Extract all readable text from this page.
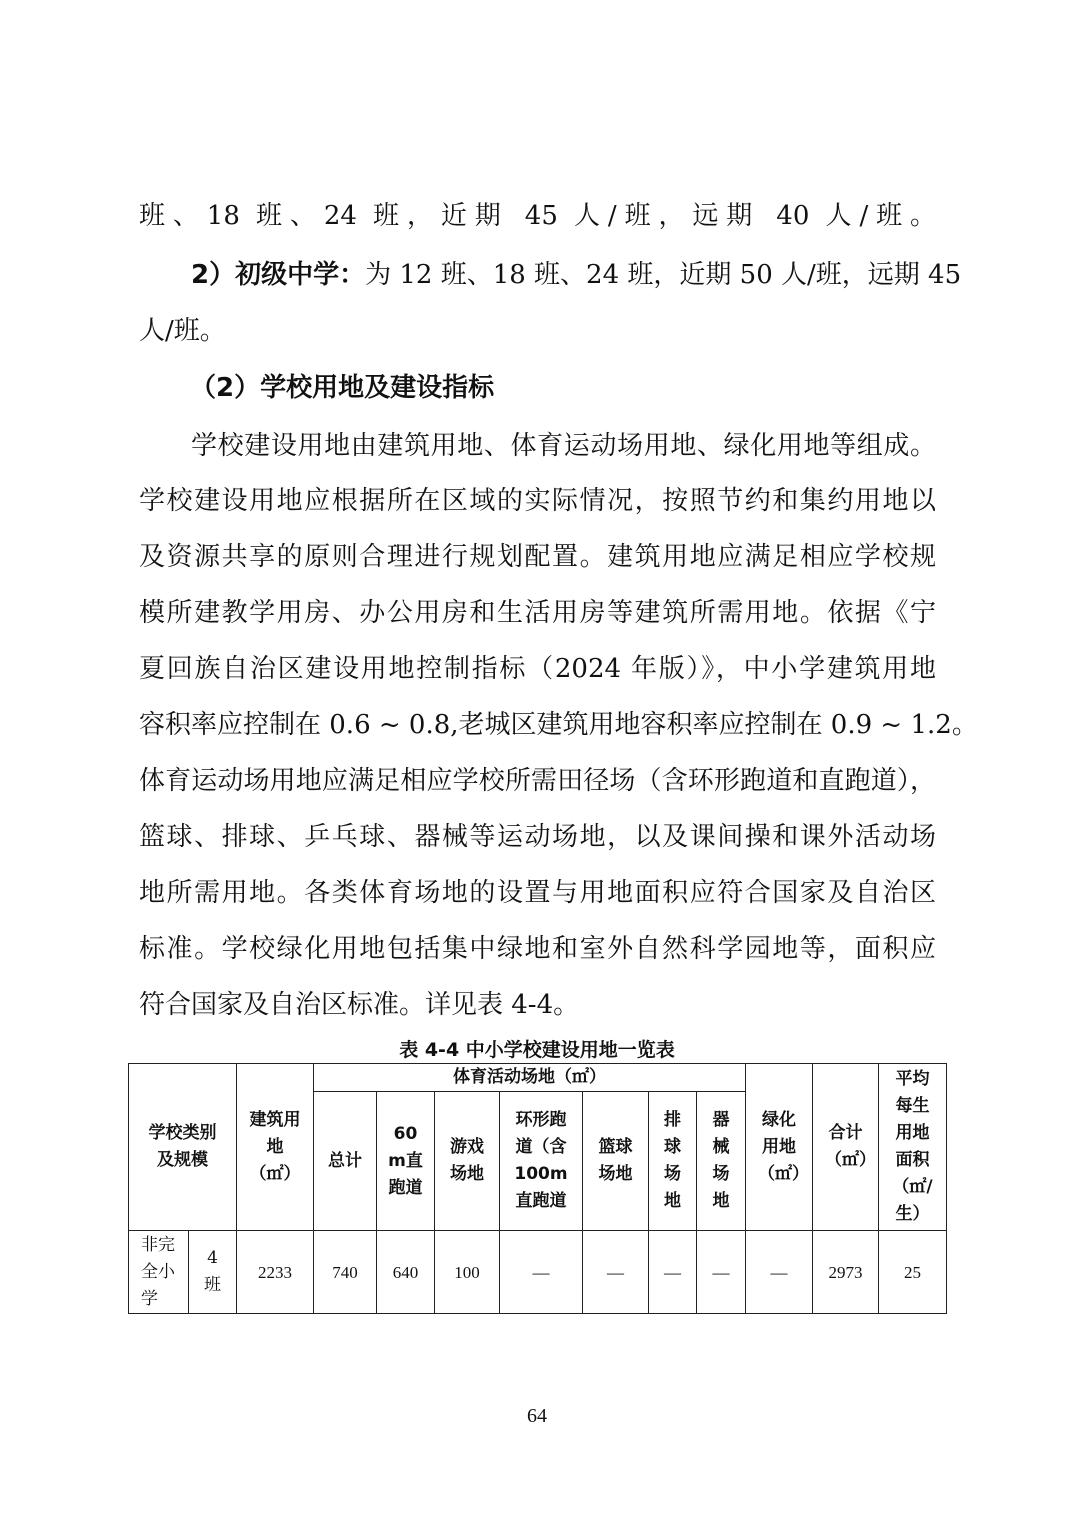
班、18 班、24 班，近期 45 人/班，远期 40 人/班。
2）初级中学：为 12 班、18 班、24 班，近期 50 人/班，远期 45
人/班。
（2）学校用地及建设指标
学校建设用地由建筑用地、体育运动场用地、绿化用地等组成。
学校建设用地应根据所在区域的实际情况，按照节约和集约用地以
及资源共享的原则合理进行规划配置。建筑用地应满足相应学校规
模所建教学用房、办公用房和生活用房等建筑所需用地。依据《宁
夏回族自治区建设用地控制指标（2024 年版）》，中小学建筑用地
容积率应控制在 0.6 ~ 0.8,老城区建筑用地容积率应控制在 0.9 ~ 1.2。
体育运动场用地应满足相应学校所需田径场（含环形跑道和直跑道），
篮球、排球、乒乓球、器械等运动场地，以及课间操和课外活动场
地所需用地。各类体育场地的设置与用地面积应符合国家及自治区
标准。学校绿化用地包括集中绿地和室外自然科学园地等，面积应
符合国家及自治区标准。详见表 4-4。
表 4-4 中小学校建设用地一览表
学校类别及规模		建筑用地（㎡）	体育活动场地（㎡）							绿化用地（㎡）	合计（㎡）	平均每生用地面积（㎡/生）
			总计	60m直跑道	游戏场地	环形跑道（含100m直跑道	篮球场地	排球场地	器械场地			
非完全小学	4班	2233	740	640	100	—	—	—	—	—	2973	25
64
